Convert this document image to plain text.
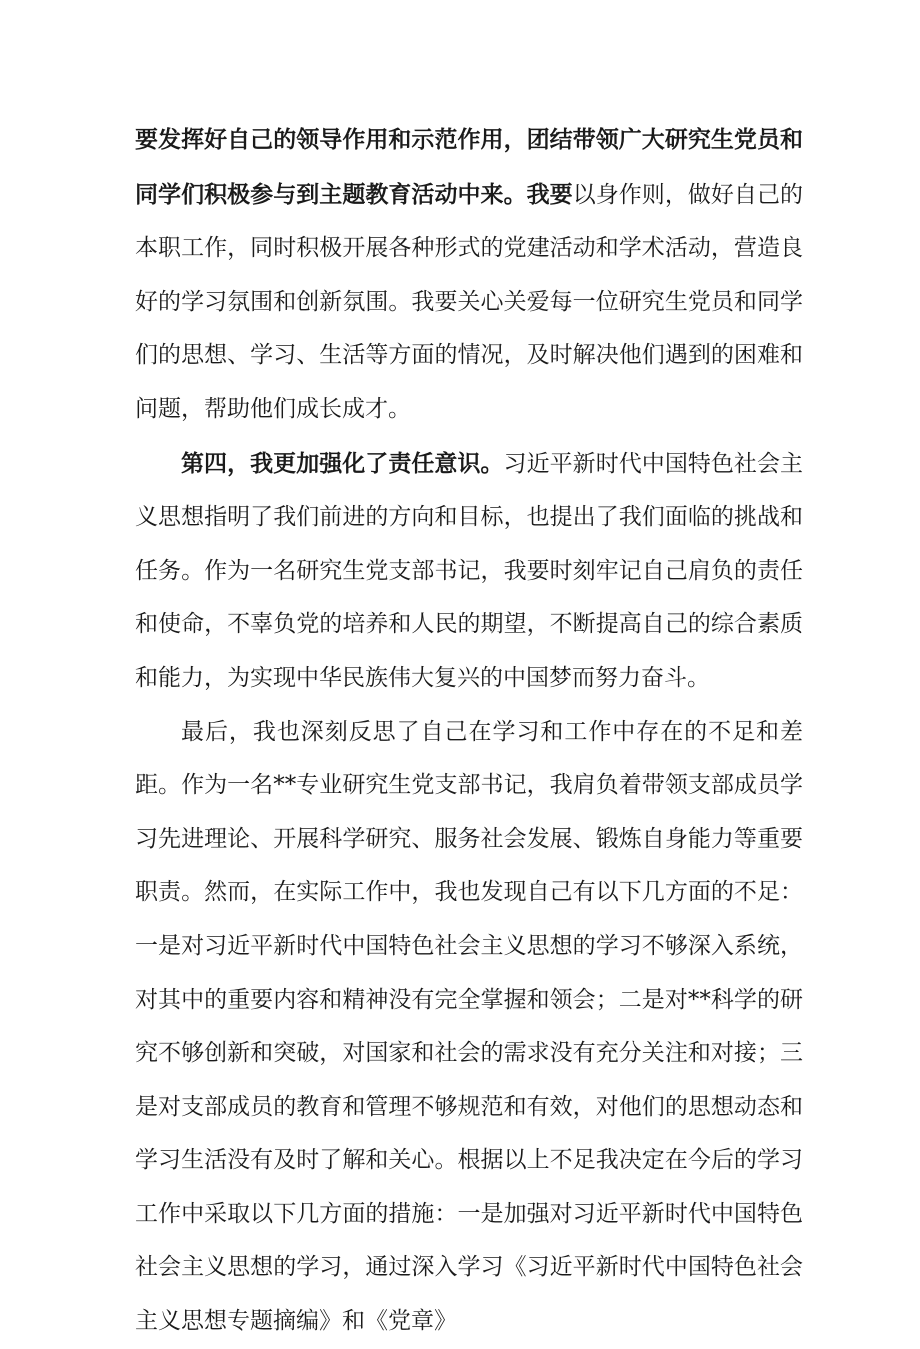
要发挥好自己的领导作用和示范作用，团结带领广大研究生党员和同学们积极参与到主题教育活动中来。我要以身作则，做好自己的本职工作，同时积极开展各种形式的党建活动和学术活动，营造良好的学习氛围和创新氛围。我要关心关爱每一位研究生党员和同学们的思想、学习、生活等方面的情况，及时解决他们遇到的困难和问题，帮助他们成长成才。

第四，我更加强化了责任意识。习近平新时代中国特色社会主义思想指明了我们前进的方向和目标，也提出了我们面临的挑战和任务。作为一名研究生党支部书记，我要时刻牢记自己肩负的责任和使命，不辜负党的培养和人民的期望，不断提高自己的综合素质和能力，为实现中华民族伟大复兴的中国梦而努力奋斗。

最后，我也深刻反思了自己在学习和工作中存在的不足和差距。作为一名**专业研究生党支部书记，我肩负着带领支部成员学习先进理论、开展科学研究、服务社会发展、锻炼自身能力等重要职责。然而，在实际工作中，我也发现自己有以下几方面的不足：一是对习近平新时代中国特色社会主义思想的学习不够深入系统，对其中的重要内容和精神没有完全掌握和领会；二是对**科学的研究不够创新和突破，对国家和社会的需求没有充分关注和对接；三是对支部成员的教育和管理不够规范和有效，对他们的思想动态和学习生活没有及时了解和关心。根据以上不足我决定在今后的学习工作中采取以下几方面的措施：一是加强对习近平新时代中国特色社会主义思想的学习，通过深入学习《习近平新时代中国特色社会主义思想专题摘编》和《党章》
